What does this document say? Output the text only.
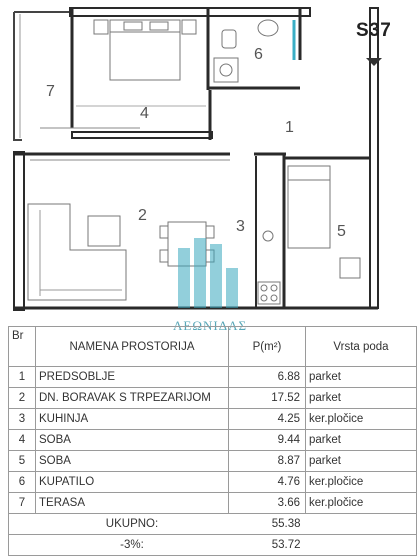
S37
1
2
3
4
5
6
7
ΛΕΩΝΙΔΑΣ
Br	NAMENA PROSTORIJA	P(m²)	Vrsta poda
1	PREDSOBLJE	6.88	parket
2	DN. BORAVAK S TRPEZARIJOM	17.52	parket
3	KUHINJA	4.25	ker.pločice
4	SOBA	9.44	parket
5	SOBA	8.87	parket
6	KUPATILO	4.76	ker.pločice
7	TERASA	3.66	ker.pločice
	UKUPNO:	55.38	
	-3%:	53.72	
